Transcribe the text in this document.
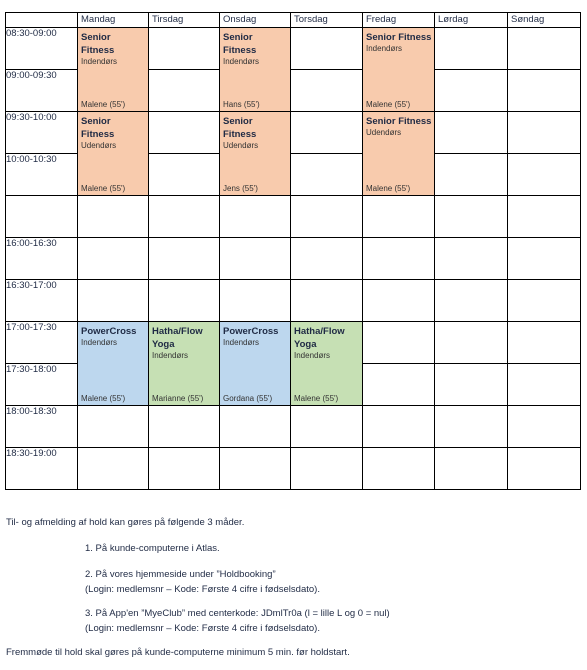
	Mandag	Tirsdag	Onsdag	Torsdag	Fredag	Lørdag	Søndag
08:30-09:00	Senior Fitness
Indendørs
Malene (55')		Senior Fitness
Indendørs
Hans (55')		Senior Fitness
Indendørs
Malene (55')		

09:00-09:30							
09:30-10:00	Senior Fitness
Udendørs
Malene (55')		Senior Fitness
Udendørs
Jens (55')		Senior Fitness
Udendørs
Malene (55')		

10:00-10:30							

16:00-16:30							
16:30-17:00							
17:00-17:30	PowerCross
Indendørs
Malene (55')	Hatha/Flow Yoga
Indendørs
Marianne (55')	PowerCross
Indendørs
Gordana (55')	Hatha/Flow Yoga
Indendørs
Malene (55')			

17:30-18:00							
18:00-18:30							
18:30-19:00							

Til- og afmelding af hold kan gøres på følgende 3 måder.

1. På kunde-computerne i Atlas.

2. På vores hjemmeside under ”Holdbooking”

(Login: medlemsnr – Kode: Første 4 cifre i fødselsdato).

3. På App'en ”MyeClub” med centerkode: JDmlTr0a (l = lille L og 0 = nul)

(Login: medlemsnr – Kode: Første 4 cifre i fødselsdato).

Fremmøde til hold skal gøres på kunde-computerne minimum 5 min. før holdstart.
